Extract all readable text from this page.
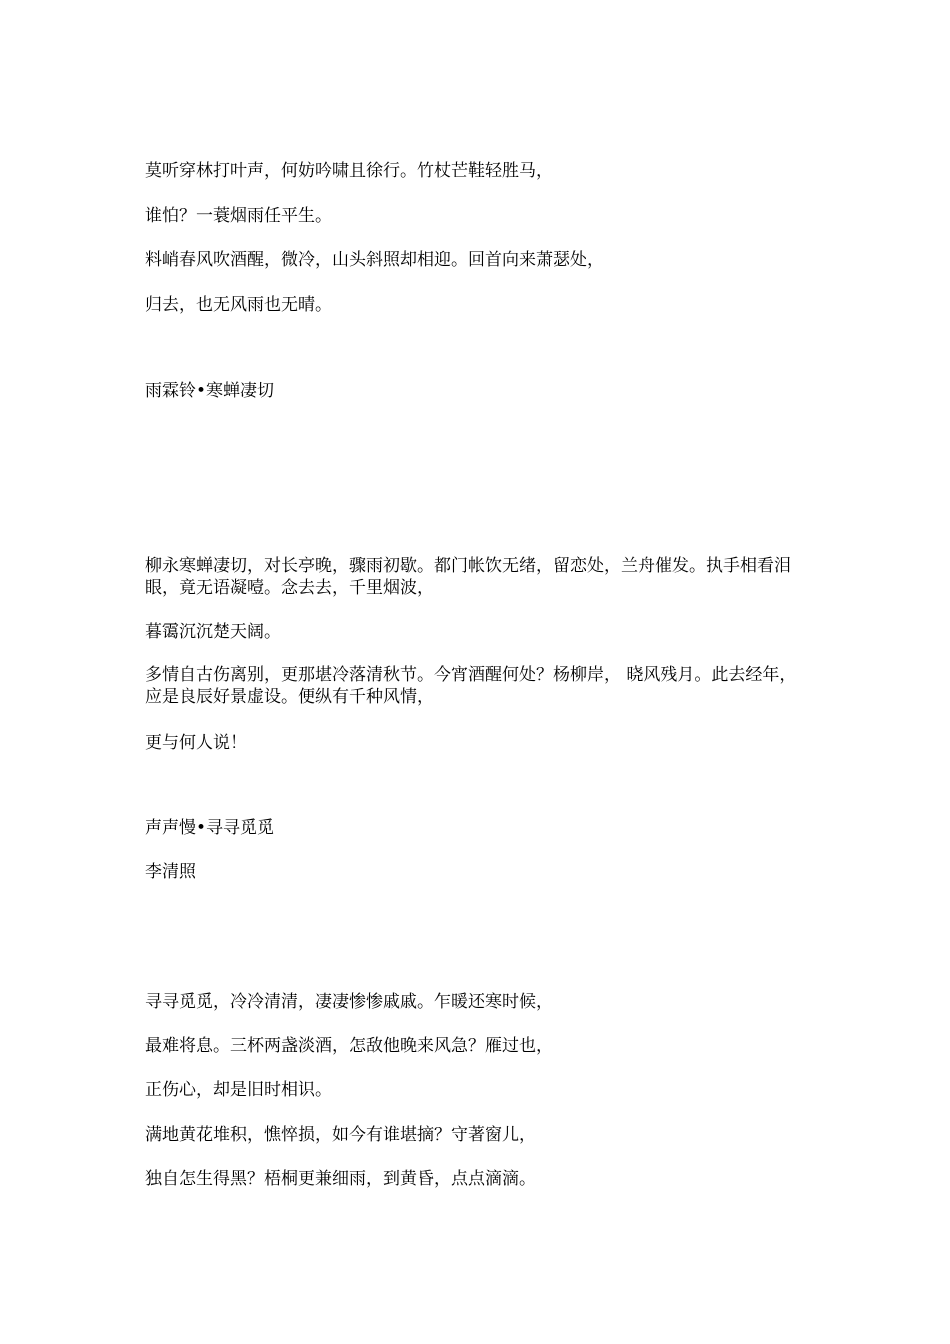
莫听穿林打叶声，何妨吟啸且徐行。竹杖芒鞋轻胜马，
谁怕？一蓑烟雨任平生。
料峭春风吹酒醒，微冷，山头斜照却相迎。回首向来萧瑟处，
归去，也无风雨也无晴。
雨霖铃•寒蝉凄切
柳永寒蝉凄切，对长亭晚，骤雨初歇。都门帐饮无绪，留恋处，兰舟催发。执手相看泪眼，竟无语凝噎。念去去，千里烟波，
暮霭沉沉楚天阔。
多情自古伤离别，更那堪冷落清秋节。今宵酒醒何处？杨柳岸， 晓风残月。此去经年，应是良辰好景虚设。便纵有千种风情，
更与何人说！
声声慢•寻寻觅觅
李清照
寻寻觅觅，冷冷清清，凄凄惨惨戚戚。乍暖还寒时候，
最难将息。三杯两盏淡酒，怎敌他晚来风急？雁过也，
正伤心，却是旧时相识。
满地黄花堆积，憔悴损，如今有谁堪摘？守著窗儿，
独自怎生得黑？梧桐更兼细雨，到黄昏，点点滴滴。
